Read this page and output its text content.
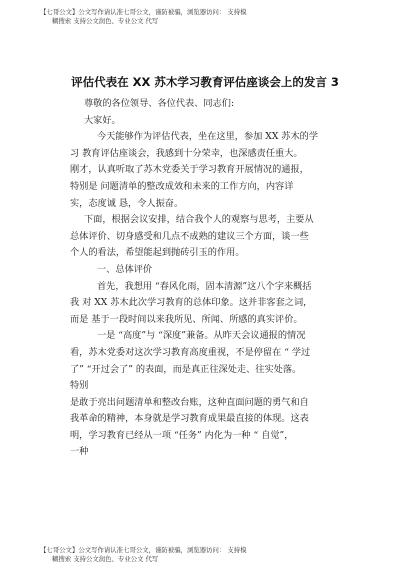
【七哥公文】公文写作请认准七哥公文，谨防被骗，浏览器访问： 支持模
糊搜索 支持公文润色、专业公文 代写
评估代表在 XX 苏木学习教育评估座谈会上的发言 3
尊敬的各位领导、各位代表、同志们:
大家好。
今天能够作为评估代表，坐在这里，参加 XX 苏木的学
习 教育评估座谈会，我感到十分荣幸，也深感责任重大。
刚才，认真听取了苏木党委关于学习教育开展情况的通报，
特别是 问题清单的整改成效和未来的工作方向，内容详
实，态度诚 恳，令人振奋。
下面，根据会议安排，结合我个人的观察与思考，主要从
总体评价、切身感受和几点不成熟的建议三个方面，谈一些
个人的看法，希望能起到抛砖引玉的作用。
一、总体评价
首先，我想用 “春风化雨，固本清源”这八个字来概括
我 对 XX 苏木此次学习教育的总体印象。这并非客套之词，
而是 基于一段时间以来我所见、所闻、所感的真实评价。
一是 “高度”与 “深度”兼备。从昨天会议通报的情况
看，苏木党委对这次学习教育高度重视，不是停留在 “ 学过
了” “开过会了” 的表面，而是真正往深处走、往实处落。
特别
是敢于亮出问题清单和整改台账，这种直面问题的勇气和自
我革命的精神，本身就是学习教育成果最直接的体现。这表
明，学习教育已经从一项 “任务” 内化为一种 “ 自觉”，
一种
【七哥公文】公文写作请认准七哥公文，谨防被骗，浏览器访问： 支持模
糊搜索 支持公文润色、专业公文 代写
